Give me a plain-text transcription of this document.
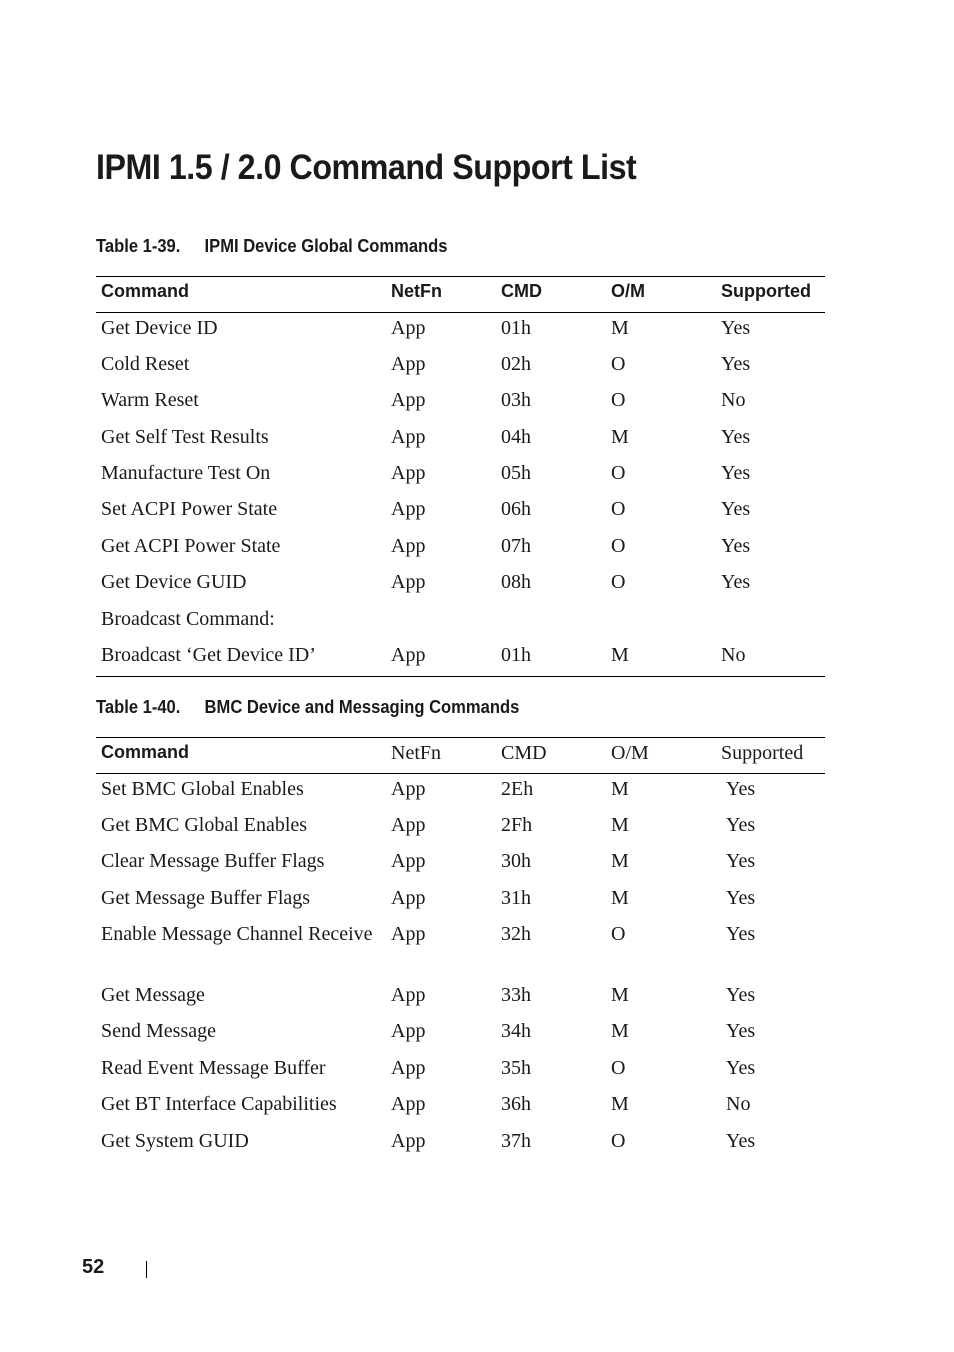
IPMI 1.5 / 2.0 Command Support List

Table 1-39. IPMI Device Global Commands

Command	NetFn	CMD	O/M	Supported
Get Device ID	App	01h	M	Yes
Cold Reset	App	02h	O	Yes
Warm Reset	App	03h	O	No
Get Self Test Results	App	04h	M	Yes
Manufacture Test On	App	05h	O	Yes
Set ACPI Power State	App	06h	O	Yes
Get ACPI Power State	App	07h	O	Yes
Get Device GUID	App	08h	O	Yes
Broadcast Command:				
Broadcast ‘Get Device ID’	App	01h	M	No

Table 1-40. BMC Device and Messaging Commands

Command	NetFn	CMD	O/M	Supported
Set BMC Global Enables	App	2Eh	M	Yes
Get BMC Global Enables	App	2Fh	M	Yes
Clear Message Buffer Flags	App	30h	M	Yes
Get Message Buffer Flags	App	31h	M	Yes
Enable Message Channel Receive	App	32h	O	Yes
Get Message	App	33h	M	Yes
Send Message	App	34h	M	Yes
Read Event Message Buffer	App	35h	O	Yes
Get BT Interface Capabilities	App	36h	M	No
Get System GUID	App	37h	O	Yes
52
